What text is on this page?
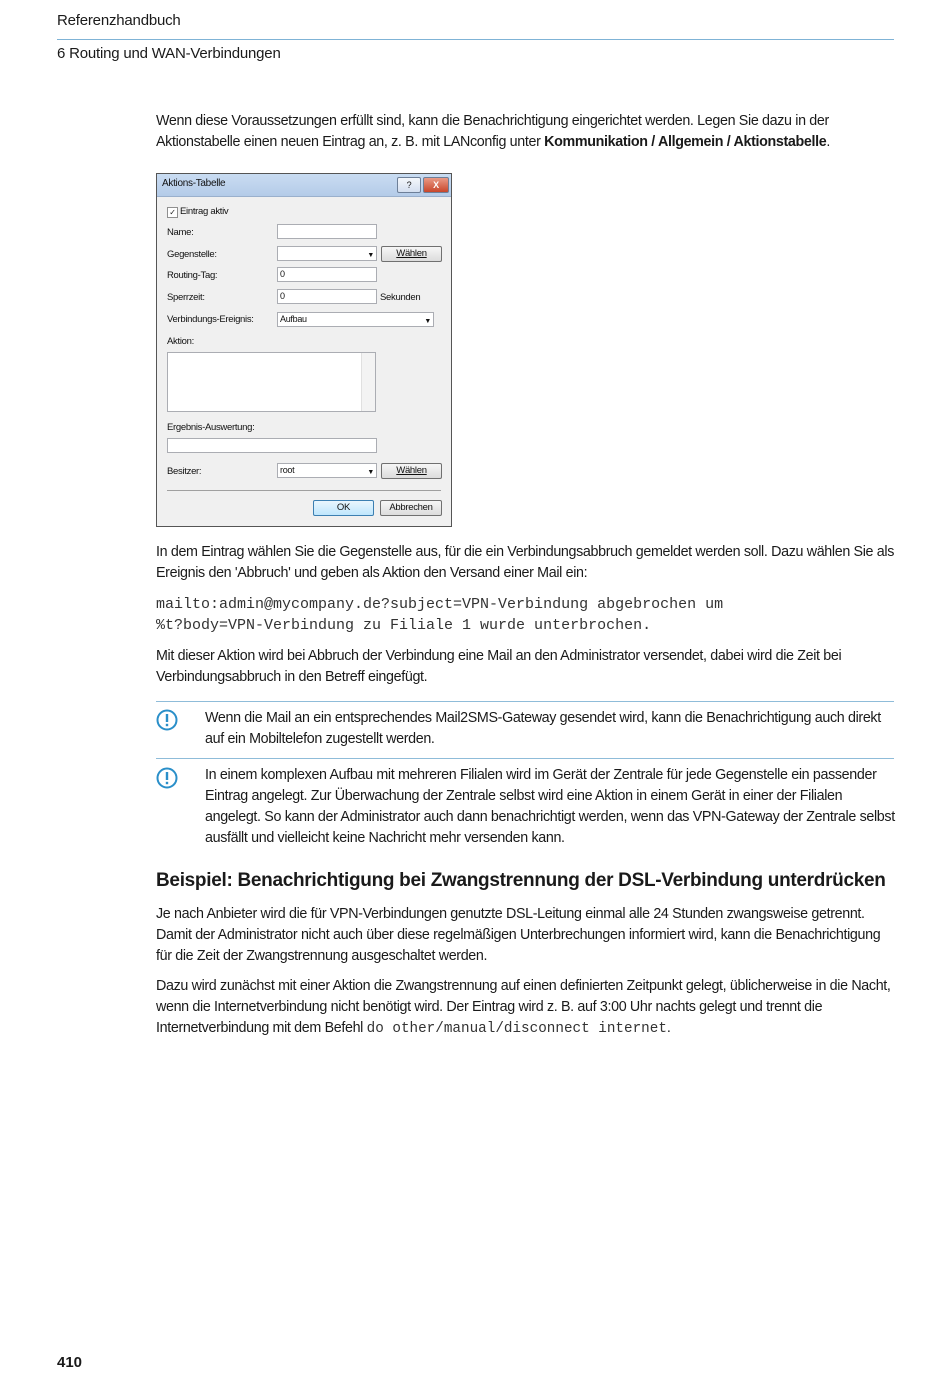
Referenzhandbuch
6 Routing und WAN-Verbindungen
Wenn diese Voraussetzungen erfüllt sind, kann die Benachrichtigung eingerichtet werden. Legen Sie dazu in der Aktionstabelle einen neuen Eintrag an, z. B. mit LANconfig unter Kommunikation / Allgemein / Aktionstabelle.
Aktions-Tabelle	?	X
✓ Eintrag aktiv
Name:
Gegenstelle:	▼	Wählen
Routing-Tag:	0
Sperrzeit:	0	Sekunden
Verbindungs-Ereignis:	Aufbau	▼
Aktion:
Ergebnis-Auswertung:
Besitzer:	root	▼	Wählen
OK	Abbrechen
In dem Eintrag wählen Sie die Gegenstelle aus, für die ein Verbindungsabbruch gemeldet werden soll. Dazu wählen Sie als Ereignis den 'Abbruch' und geben als Aktion den Versand einer Mail ein:
mailto:admin@mycompany.de?subject=VPN-Verbindung abgebrochen um
%t?body=VPN-Verbindung zu Filiale 1 wurde unterbrochen.
Mit dieser Aktion wird bei Abbruch der Verbindung eine Mail an den Administrator versendet, dabei wird die Zeit bei Verbindungsabbruch in den Betreff eingefügt.
Wenn die Mail an ein entsprechendes Mail2SMS-Gateway gesendet wird, kann die Benachrichtigung auch direkt auf ein Mobiltelefon zugestellt werden.
In einem komplexen Aufbau mit mehreren Filialen wird im Gerät der Zentrale für jede Gegenstelle ein passender Eintrag angelegt. Zur Überwachung der Zentrale selbst wird eine Aktion in einem Gerät in einer der Filialen angelegt. So kann der Administrator auch dann benachrichtigt werden, wenn das VPN-Gateway der Zentrale selbst ausfällt und vielleicht keine Nachricht mehr versenden kann.
Beispiel: Benachrichtigung bei Zwangstrennung der DSL-Verbindung unterdrücken
Je nach Anbieter wird die für VPN-Verbindungen genutzte DSL-Leitung einmal alle 24 Stunden zwangsweise getrennt. Damit der Administrator nicht auch über diese regelmäßigen Unterbrechungen informiert wird, kann die Benachrichtigung für die Zeit der Zwangstrennung ausgeschaltet werden.
Dazu wird zunächst mit einer Aktion die Zwangstrennung auf einen definierten Zeitpunkt gelegt, üblicherweise in die Nacht, wenn die Internetverbindung nicht benötigt wird. Der Eintrag wird z. B. auf 3:00 Uhr nachts gelegt und trennt die Internetverbindung mit dem Befehl do other/manual/disconnect internet.
410
